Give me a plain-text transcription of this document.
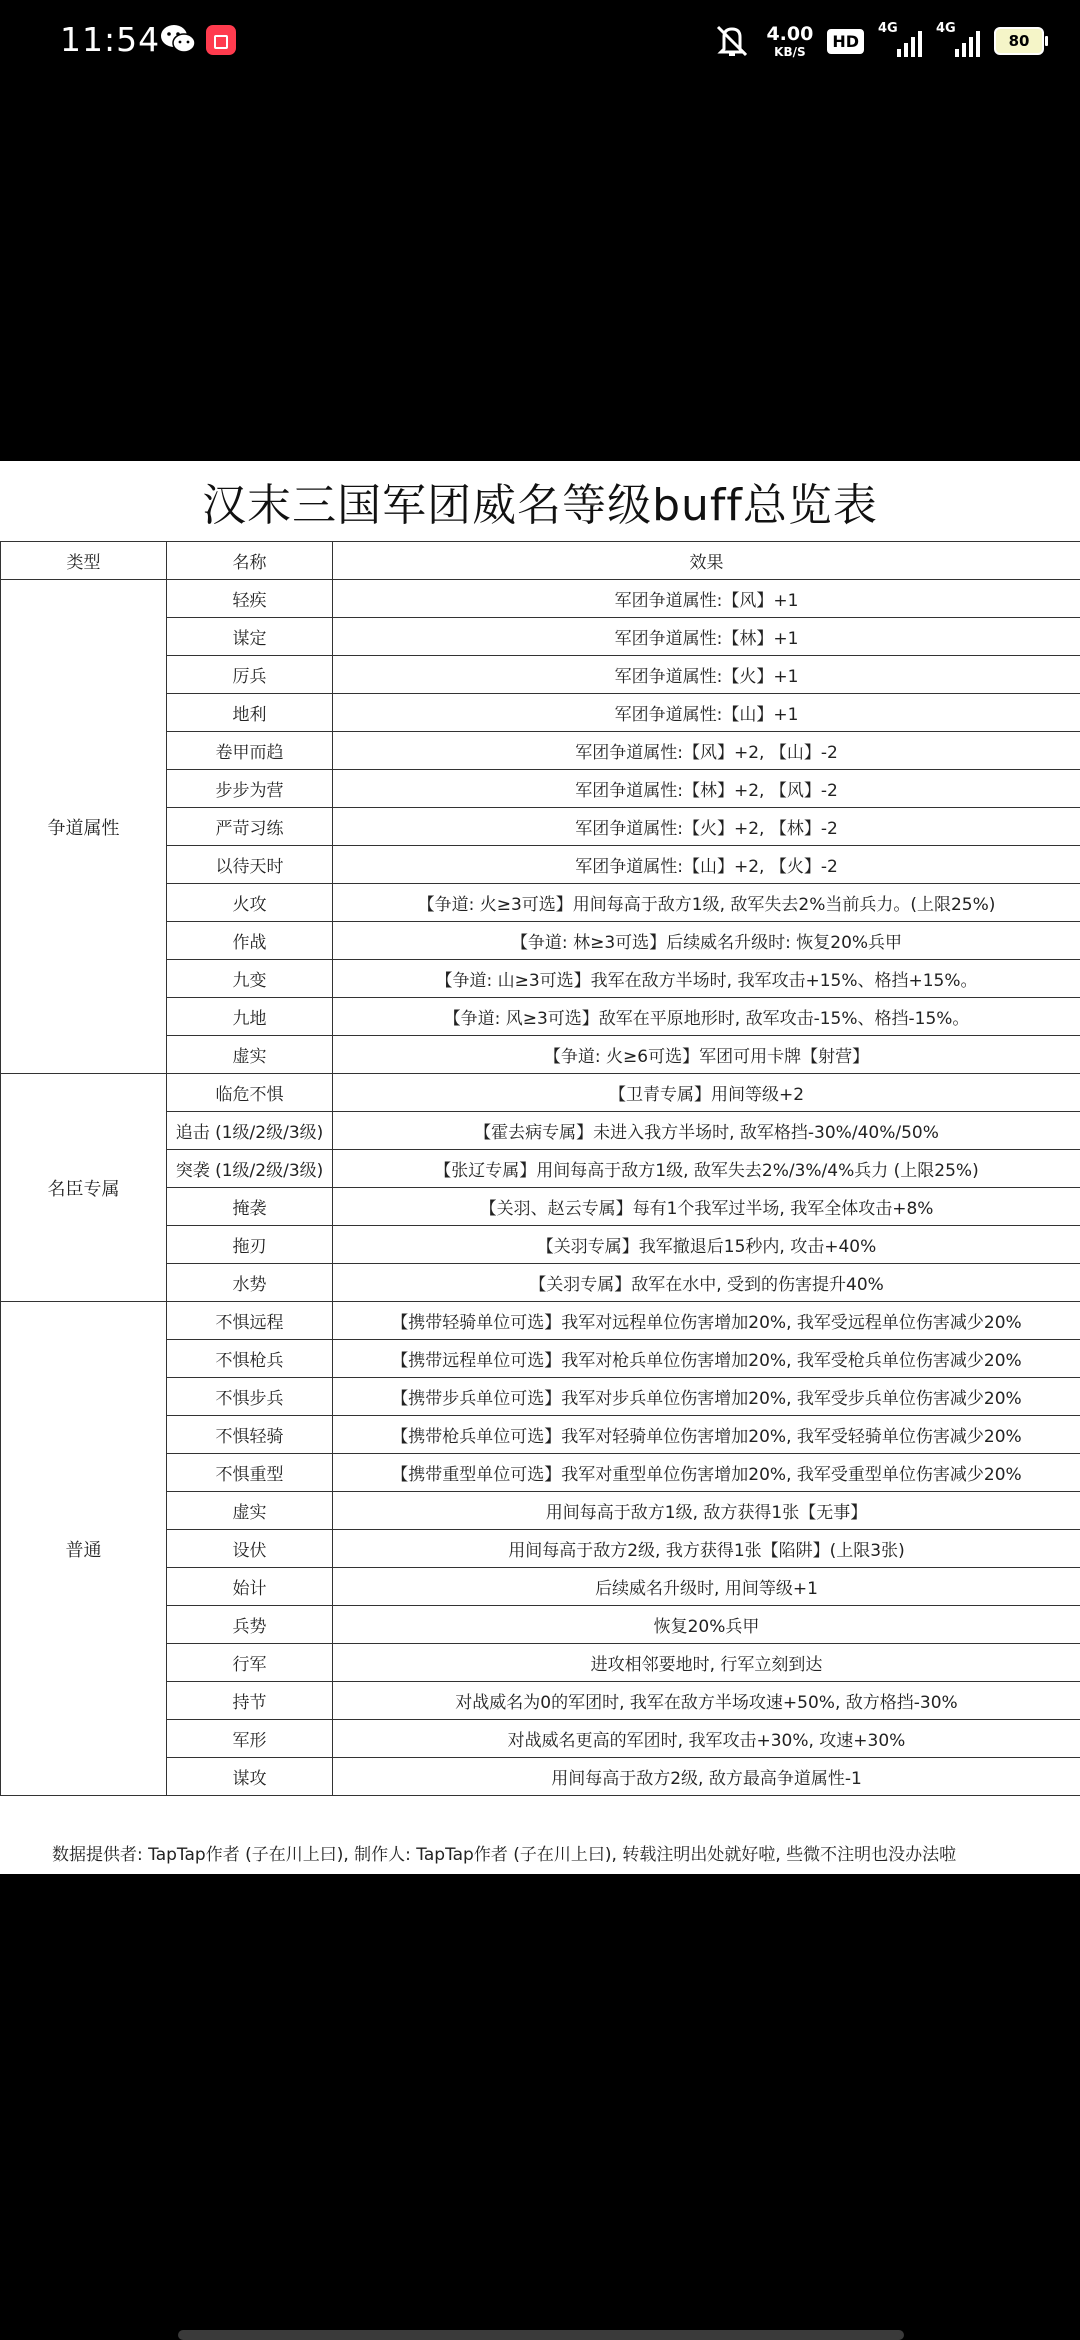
11:54	4.00
KB/S
HD
4G	4G
80
汉末三国军团威名等级buff总览表
类型	名称	效果
争道属性	轻疾	军团争道属性:【风】+1
	谋定	军团争道属性:【林】+1
	厉兵	军团争道属性:【火】+1
	地利	军团争道属性:【山】+1
	卷甲而趋	军团争道属性:【风】+2, 【山】-2
	步步为营	军团争道属性:【林】+2, 【风】-2
	严苛习练	军团争道属性:【火】+2, 【林】-2
	以待天时	军团争道属性:【山】+2, 【火】-2
	火攻	【争道: 火≥3可选】用间每高于敌方1级, 敌军失去2%当前兵力。(上限25%)
	作战	【争道: 林≥3可选】后续威名升级时: 恢复20%兵甲
	九变	【争道: 山≥3可选】我军在敌方半场时, 我军攻击+15%、格挡+15%。
	九地	【争道: 风≥3可选】敌军在平原地形时, 敌军攻击-15%、格挡-15%。
	虚实	【争道: 火≥6可选】军团可用卡牌【射营】
名臣专属	临危不惧	【卫青专属】用间等级+2
	追击 (1级/2级/3级)	【霍去病专属】未进入我方半场时, 敌军格挡-30%/40%/50%
	突袭 (1级/2级/3级)	【张辽专属】用间每高于敌方1级, 敌军失去2%/3%/4%兵力 (上限25%)
	掩袭	【关羽、赵云专属】每有1个我军过半场, 我军全体攻击+8%
	拖刃	【关羽专属】我军撤退后15秒内, 攻击+40%
	水势	【关羽专属】敌军在水中, 受到的伤害提升40%
普通	不惧远程	【携带轻骑单位可选】我军对远程单位伤害增加20%, 我军受远程单位伤害减少20%
	不惧枪兵	【携带远程单位可选】我军对枪兵单位伤害增加20%, 我军受枪兵单位伤害减少20%
	不惧步兵	【携带步兵单位可选】我军对步兵单位伤害增加20%, 我军受步兵单位伤害减少20%
	不惧轻骑	【携带枪兵单位可选】我军对轻骑单位伤害增加20%, 我军受轻骑单位伤害减少20%
	不惧重型	【携带重型单位可选】我军对重型单位伤害增加20%, 我军受重型单位伤害减少20%
	虚实	用间每高于敌方1级, 敌方获得1张【无事】
	设伏	用间每高于敌方2级, 我方获得1张【陷阱】(上限3张)
	始计	后续威名升级时, 用间等级+1
	兵势	恢复20%兵甲
	行军	进攻相邻要地时, 行军立刻到达
	持节	对战威名为0的军团时, 我军在敌方半场攻速+50%, 敌方格挡-30%
	军形	对战威名更高的军团时, 我军攻击+30%, 攻速+30%
	谋攻	用间每高于敌方2级, 敌方最高争道属性-1
数据提供者: TapTap作者 (子在川上曰), 制作人: TapTap作者 (子在川上曰), 转载注明出处就好啦, 些微不注明也没办法啦
